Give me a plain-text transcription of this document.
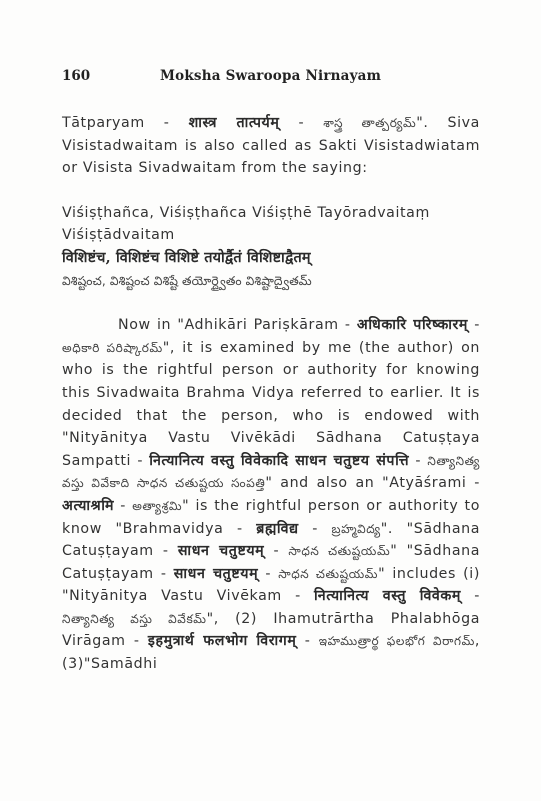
160	Moksha Swaroopa Nirnayam

Tātparyam - शास्त्र तात्पर्यम् - శాస్త్ర తాత్పర్యమ్". Siva Visistadwaitam is also called as Sakti Visistadwiatam or Visista Sivadwaitam from the saying:

Viśiṣṭhañca, Viśiṣṭhañca Viśiṣṭhē Tayōradvaitaṃ
Viśiṣṭādvaitam
विशिष्टंच, विशिष्टंच विशिष्टे तयोर्द्वैतं विशिष्टाद्वैतम्
విశిష్టంచ, విశిష్టంచ విశిష్టే తయోర్ద్వైతం విశిష్టాద్వైతమ్

Now in "Adhikāri Pariṣkāram - अधिकारि परिष्कारम् - అధికారి పరిష్కారమ్", it is examined by me (the author) on who is the rightful person or authority for knowing this Sivadwaita Brahma Vidya referred to earlier. It is decided that the person, who is endowed with "Nityānitya Vastu Vivēkādi Sādhana Catuṣṭaya Sampatti - नित्यानित्य वस्तु विवेकादि साधन चतुष्टय संपत्ति - నిత్యానిత్య వస్తు వివేకాది సాధన చతుష్టయ సంపత్తి" and also an "Atyāśrami - अत्याश्रमि - అత్యాశ్రమి" is the rightful person or authority to know "Brahmavidya - ब्रह्मविद्य - బ్రహ్మవిద్య". "Sādhana Catuṣṭayam - साधन चतुष्टयम् - సాధన చతుష్టయమ్" "Sādhana Catuṣṭayam - साधन चतुष्टयम् - సాధన చతుష్టయమ్" includes (i) "Nityānitya Vastu Vivēkam - नित्यानित्य वस्तु विवेकम् - నిత్యానిత్య వస్తు వివేకమ్", (2) Ihamutrārtha Phalabhōga Virāgam - इहमुत्रार्थ फलभोग विरागम् - ఇహముత్రార్థ ఫలభోగ విరాగమ్, (3)"Samādhi
